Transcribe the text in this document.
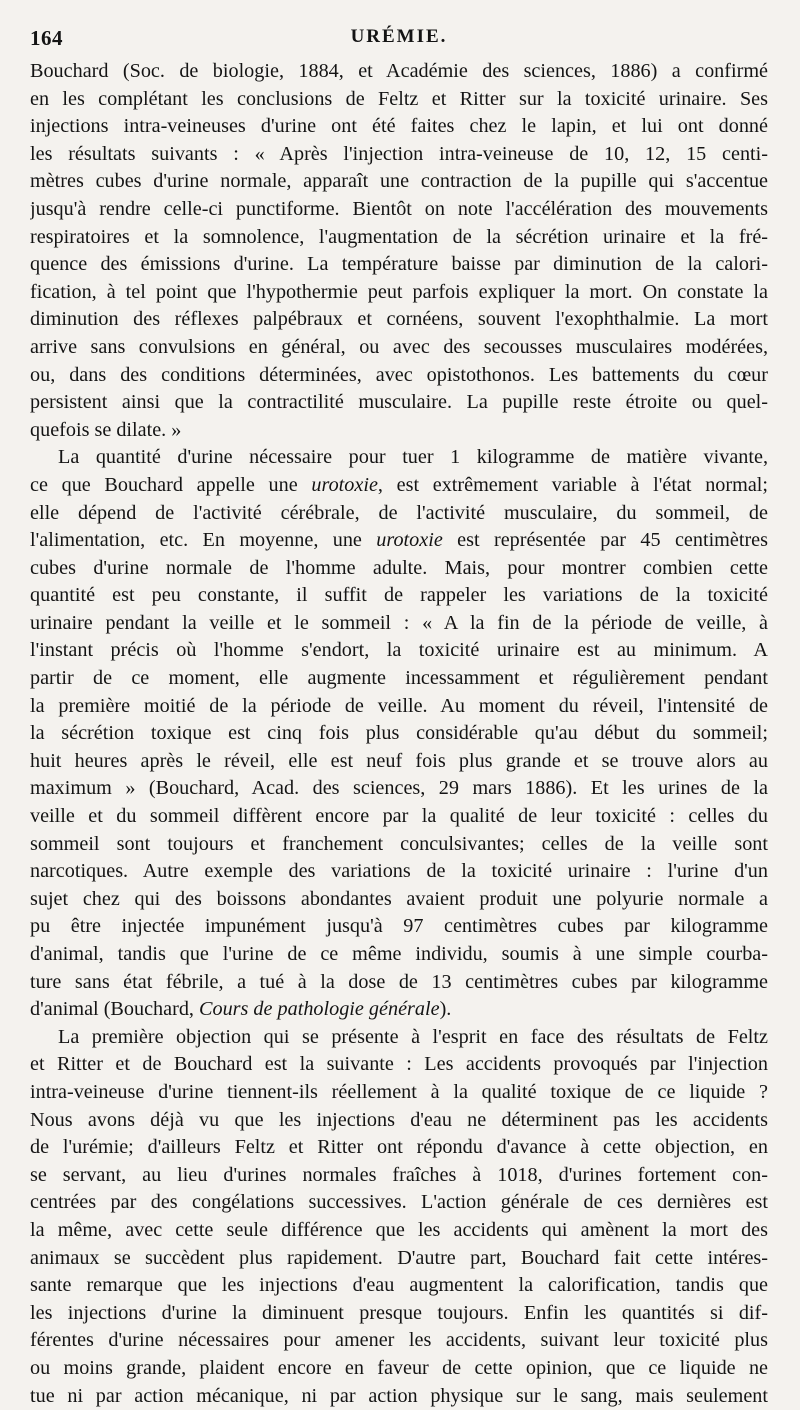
164	URÉMIE.

Bouchard (Soc. de biologie, 1884, et Académie des sciences, 1886) a confirmé
en les complétant les conclusions de Feltz et Ritter sur la toxicité urinaire. Ses
injections intra-veineuses d'urine ont été faites chez le lapin, et lui ont donné
les résultats suivants : « Après l'injection intra-veineuse de 10, 12, 15 centi-
mètres cubes d'urine normale, apparaît une contraction de la pupille qui s'accentue
jusqu'à rendre celle-ci punctiforme. Bientôt on note l'accélération des mouvements
respiratoires et la somnolence, l'augmentation de la sécrétion urinaire et la fré-
quence des émissions d'urine. La température baisse par diminution de la calori-
fication, à tel point que l'hypothermie peut parfois expliquer la mort. On constate la
diminution des réflexes palpébraux et cornéens, souvent l'exophthalmie. La mort
arrive sans convulsions en général, ou avec des secousses musculaires modérées,
ou, dans des conditions déterminées, avec opistothonos. Les battements du cœur
persistent ainsi que la contractilité musculaire. La pupille reste étroite ou quel-
quefois se dilate. »

La quantité d'urine nécessaire pour tuer 1 kilogramme de matière vivante,
ce que Bouchard appelle une urotoxie, est extrêmement variable à l'état normal;
elle dépend de l'activité cérébrale, de l'activité musculaire, du sommeil, de
l'alimentation, etc. En moyenne, une urotoxie est représentée par 45 centimètres
cubes d'urine normale de l'homme adulte. Mais, pour montrer combien cette
quantité est peu constante, il suffit de rappeler les variations de la toxicité
urinaire pendant la veille et le sommeil : « A la fin de la période de veille, à
l'instant précis où l'homme s'endort, la toxicité urinaire est au minimum. A
partir de ce moment, elle augmente incessamment et régulièrement pendant
la première moitié de la période de veille. Au moment du réveil, l'intensité de
la sécrétion toxique est cinq fois plus considérable qu'au début du sommeil;
huit heures après le réveil, elle est neuf fois plus grande et se trouve alors au
maximum » (Bouchard, Acad. des sciences, 29 mars 1886). Et les urines de la
veille et du sommeil diffèrent encore par la qualité de leur toxicité : celles du
sommeil sont toujours et franchement conculsivantes; celles de la veille sont
narcotiques. Autre exemple des variations de la toxicité urinaire : l'urine d'un
sujet chez qui des boissons abondantes avaient produit une polyurie normale a
pu être injectée impunément jusqu'à 97 centimètres cubes par kilogramme
d'animal, tandis que l'urine de ce même individu, soumis à une simple courba-
ture sans état fébrile, a tué à la dose de 13 centimètres cubes par kilogramme
d'animal (Bouchard, Cours de pathologie générale).

La première objection qui se présente à l'esprit en face des résultats de Feltz
et Ritter et de Bouchard est la suivante : Les accidents provoqués par l'injection
intra-veineuse d'urine tiennent-ils réellement à la qualité toxique de ce liquide ?
Nous avons déjà vu que les injections d'eau ne déterminent pas les accidents
de l'urémie; d'ailleurs Feltz et Ritter ont répondu d'avance à cette objection, en
se servant, au lieu d'urines normales fraîches à 1018, d'urines fortement con-
centrées par des congélations successives. L'action générale de ces dernières est
la même, avec cette seule différence que les accidents qui amènent la mort des
animaux se succèdent plus rapidement. D'autre part, Bouchard fait cette intéres-
sante remarque que les injections d'eau augmentent la calorification, tandis que
les injections d'urine la diminuent presque toujours. Enfin les quantités si dif-
férentes d'urine nécessaires pour amener les accidents, suivant leur toxicité plus
ou moins grande, plaident encore en faveur de cette opinion, que ce liquide ne
tue ni par action mécanique, ni par action physique sur le sang, mais seulement
